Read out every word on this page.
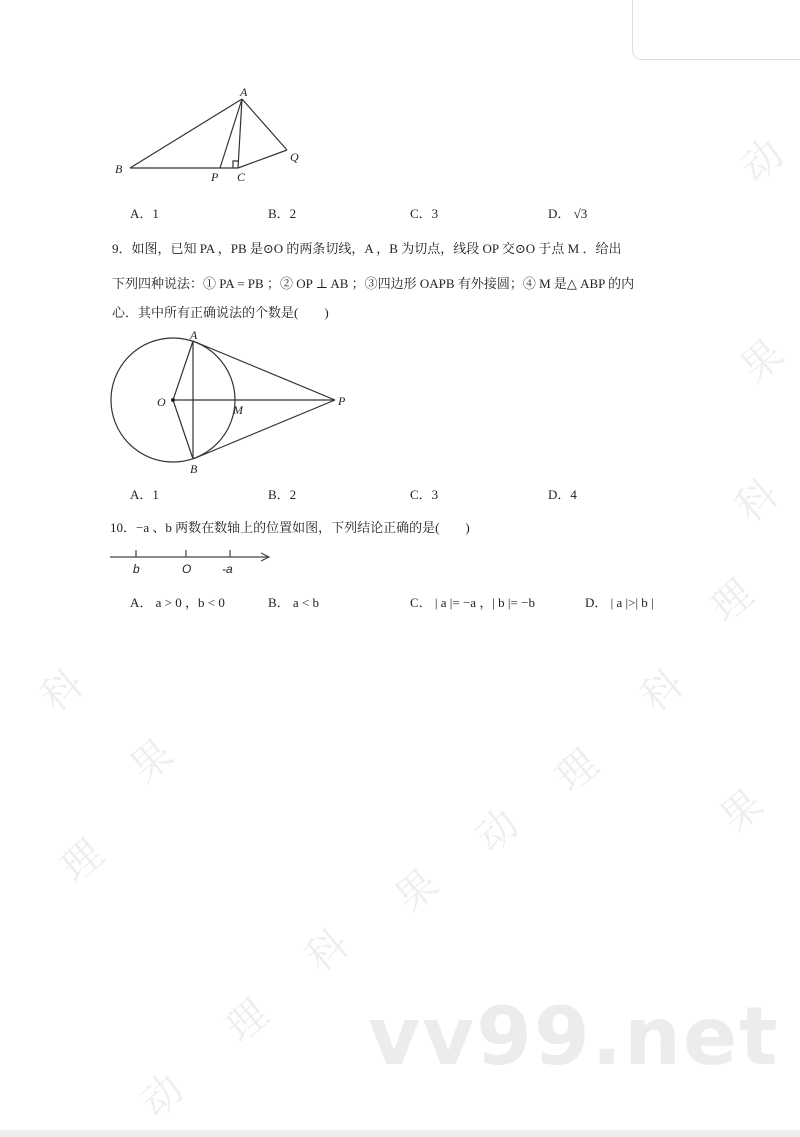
动
果
科
理
科
果
科
理
动
果
科
理
动
理
果
vv99.net
A
B
P C
Q
A．1	B．2	C．3	D． √3
9．如图，已知 PA ，PB 是⊙O 的两条切线，A ，B 为切点，线段 OP 交⊙O 于点 M ．给出
下列四种说法：① PA = PB ；② OP ⊥ AB ；③四边形 OAPB 有外接圆；④ M 是△ ABP 的内
心．其中所有正确说法的个数是(　　)
A
B
O
M
P
A．1	B．2	C．3	D．4
10．−a 、b 两数在数轴上的位置如图，下列结论正确的是(　　)
b	O	-a
A． a > 0 ，b < 0	B． a < b	C． | a |= −a ，| b |= −b	D． | a |>| b |
